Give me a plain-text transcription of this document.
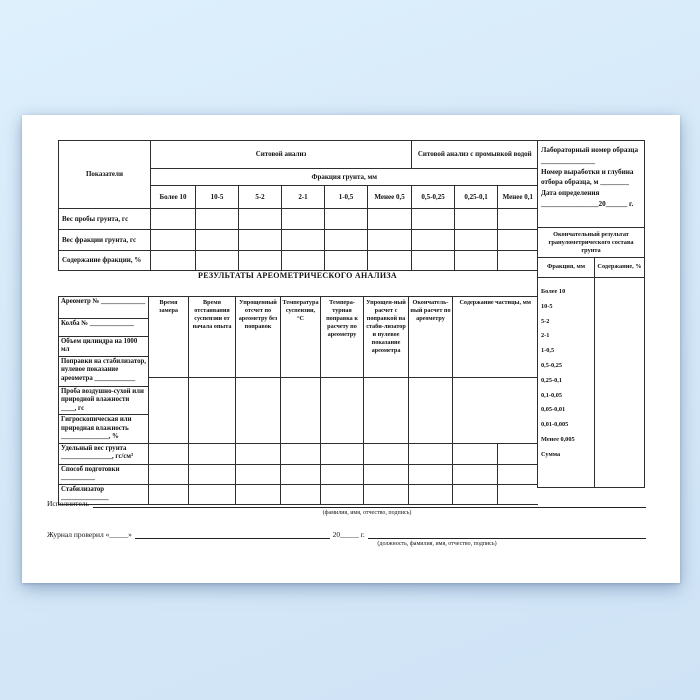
Показатели	Ситовой анализ						Ситовой анализ с промывкой водой		
	Фракция грунта, мм								
	Более 10	10-5	5-2	2-1	1-0,5	Менее 0,5	0,5-0,25	0,25-0,1	Менее 0,1
Вес пробы грунта, гс									
Вес фракции грунта, гс									
Содержание фракции, %									
РЕЗУЛЬТАТЫ АРЕОМЕТРИЧЕСКОГО АНАЛИЗА
Ареометр № _____________	Время замера	Время отстаивания суспензии от начала опыта	Упрощенный отсчет по ареометру без поправок	Температура суспензии, °С	Темпера-турная поправка к расчету по ареометру	Упрощен-ный расчет с поправкой на стаби-лизатор и нулевое показание ареометра	Окончатель-ный расчет по ареометру	Содержание частицы, мм	
Колба № _____________									
Объем цилиндра на 1000 мл									
Поправки на стабилизатор, нулевое показание ареометра ____________									

Проба воздушно-сухой или природной влажности ____, гс									
Гигроскопическая или природная влажность ______________, %									
Удельный вес грунта _______________, гс/см³									
Способ подготовки __________									
Стабилизатор ______________									
Лабораторный номер образца _______________
Номер выработки и глубина отбора образца, м ________
Дата определения
________________20______ г.
Окончательный результат гранулометрического состава грунта
Фракция, мм	Содержание, %
Более 10
10-5
5-2
2-1
1-0,5
0,5-0,25
0,25-0,1
0,1-0,05
0,05-0,01
0,01-0,005
Менее 0,005
Сумма
Исполнитель
(фамилия, имя, отчество, подпись)
Журнал проверил «_____»	20_____ г.
(должность, фамилия, имя, отчество, подпись)
